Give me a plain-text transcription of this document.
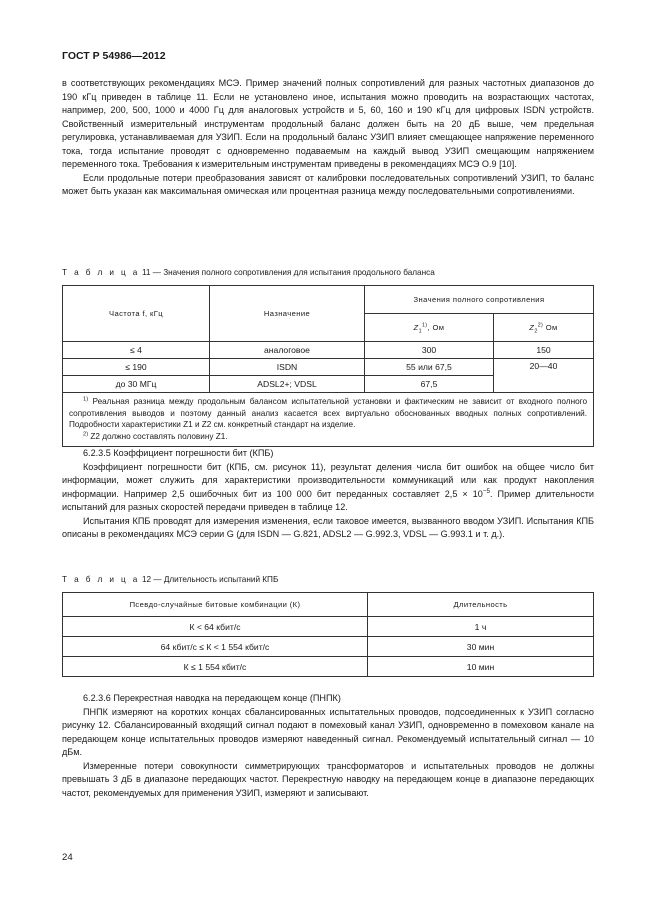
ГОСТ Р 54986—2012

в соответствующих рекомендациях МСЭ. Пример значений полных сопротивлений для разных частотных диапазонов до 190 кГц приведен в таблице 11. Если не установлено иное, испытания можно проводить на возрастающих частотах, например, 200, 500, 1000 и 4000 Гц для аналоговых устройств и 5, 60, 160 и 190 кГц для цифровых ISDN устройств. Свойственный измерительный инструментам продольный баланс должен быть на 20 дБ выше, чем предельная регулировка, устанавливаемая для УЗИП. Если на продольный баланс УЗИП влияет смещающее напряжение переменного тока, тогда испытание проводят с одновременно подаваемым на каждый вывод УЗИП смещающим напряжением переменного тока. Требования к измерительным инструментам приведены в рекомендациях МСЭ О.9 [10].

Если продольные потери преобразования зависят от калибровки последовательных сопротивлений УЗИП, то баланс может быть указан как максимальная омическая или процентная разница между последовательными сопротивлениями.

Т а б л и ц а 11 — Значения полного сопротивления для испытания продольного баланса
Частота f, кГц	Назначение	Значения полного сопротивления	
		$Z_1^{1)}$, Ом	$Z_2^{2)}$ Ом
≤ 4	аналоговое	300	150
≤ 190	ISDN	55 или 67,5	20—40
до 30 МГц	ADSL2+; VDSL	67,5	

$^{1)}$ Реальная разница между продольным балансом испытательной установки и фактическим не зависит от входного полного сопротивления выводов и поэтому данный анализ касается всех виртуально обоснованных вводных полных сопротивлений. Подробности характеристики Z1 и Z2 см. конкретный стандарт на изделие.

$^{2)}$ Z2 должно составлять половину Z1.			

6.2.3.5 Коэффициент погрешности бит (КПБ)

Коэффициент погрешности бит (КПБ, см. рисунок 11), результат деления числа бит ошибок на общее число бит информации, может служить для характеристики производительности коммуникаций или как продукт накопления информации. Например 2,5 ошибочных бит из 100 000 бит переданных составляет $2,5 \times 10^{-5}$. Пример длительности испытаний для разных скоростей передачи приведен в таблице 12.

Испытания КПБ проводят для измерения изменения, если таковое имеется, вызванного вводом УЗИП. Испытания КПБ описаны в рекомендациях МСЭ серии G (для ISDN — G.821, ADSL2 — G.992.3, VDSL — G.993.1 и т. д.).

Т а б л и ц а 12 — Длительность испытаний КПБ
Псевдо-случайные битовые комбинации (К)	Длительность
К < 64 кбит/с	1 ч
64 кбит/с ≤ К < 1 554 кбит/с	30 мин
К ≤ 1 554 кбит/с	10 мин

6.2.3.6 Перекрестная наводка на передающем конце (ПНПК)

ПНПК измеряют на коротких концах сбалансированных испытательных проводов, подсоединенных к УЗИП согласно рисунку 12. Сбалансированный входящий сигнал подают в помеховый канал УЗИП, одновременно в помеховом канале на передающем конце испытательных проводов измеряют наведенный сигнал. Рекомендуемый испытательный сигнал — 10 дБм.

Измеренные потери совокупности симметрирующих трансформаторов и испытательных проводов не должны превышать 3 дБ в диапазоне передающих частот. Перекрестную наводку на передающем конце в диапазоне передающих частот, рекомендуемых для применения УЗИП, измеряют и записывают.

24
